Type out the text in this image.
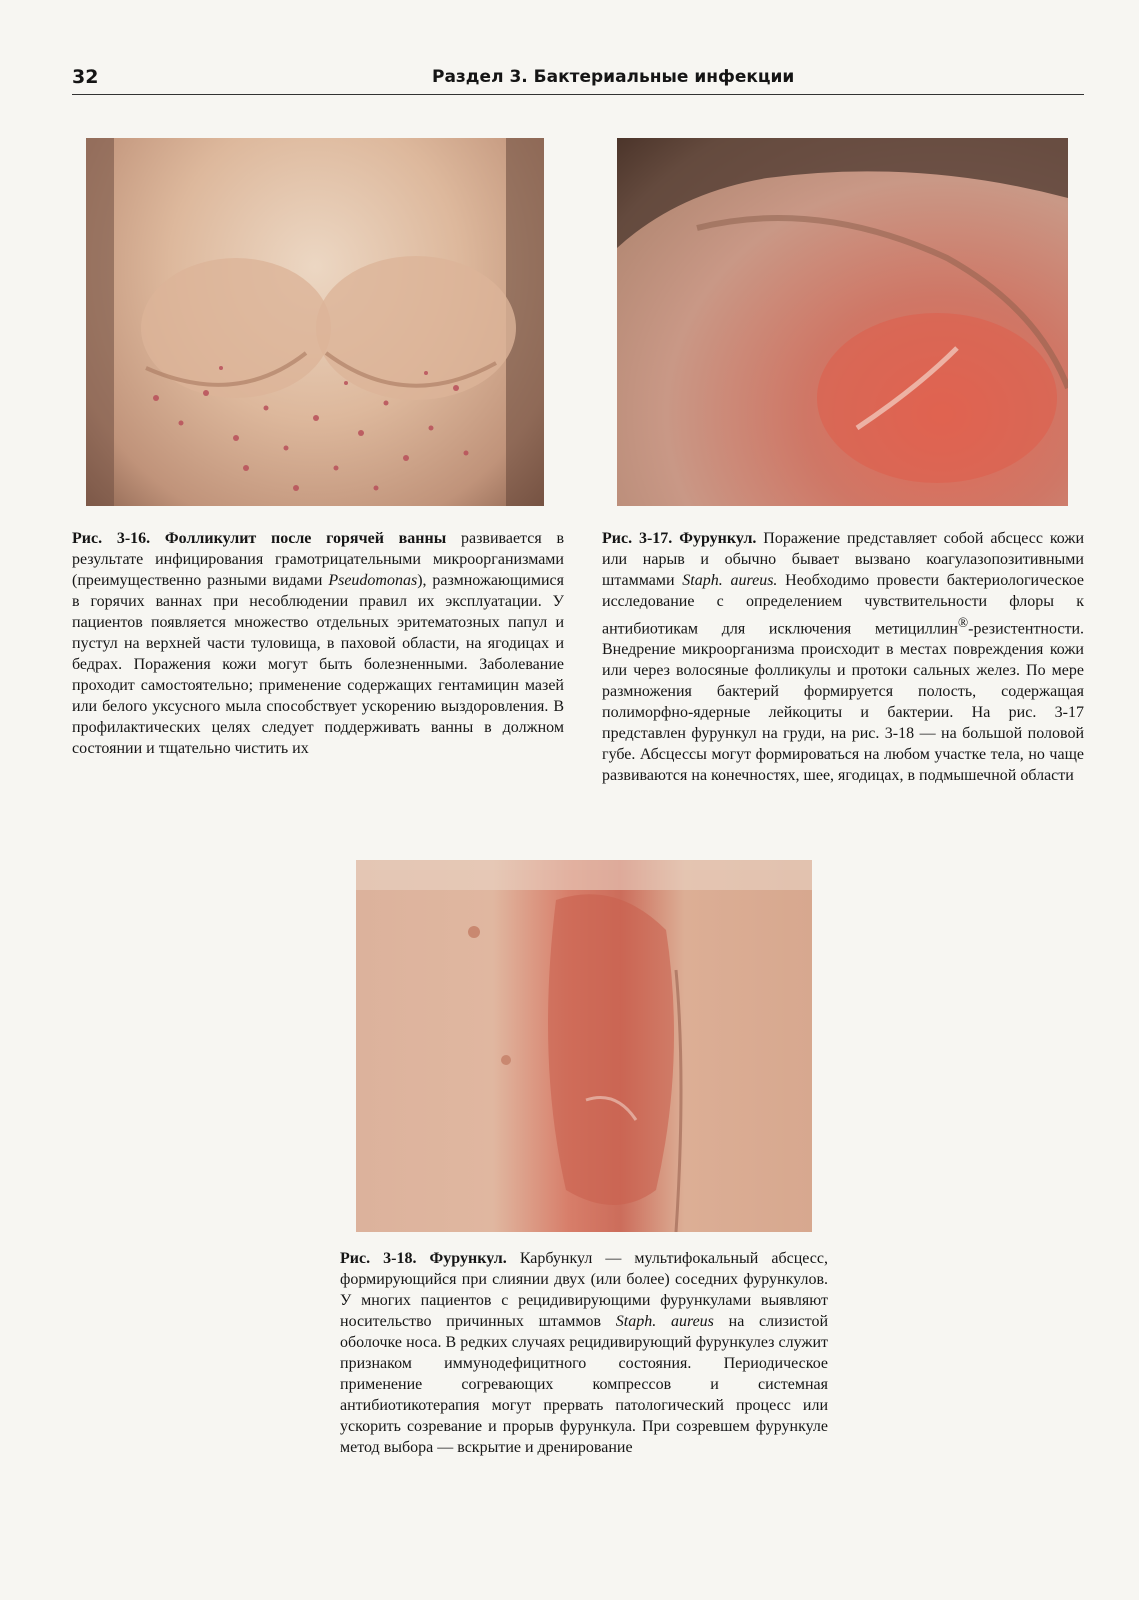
32	Раздел 3. Бактериальные инфекции
Рис. 3-16. Фолликулит после горячей ванны развивается в результате инфицирования грамотрицательными микроорганизмами (преимущественно разными видами Pseudomonas), размножающимися в горячих ваннах при несоблюдении правил их эксплуатации. У пациентов появляется множество отдельных эритематозных папул и пустул на верхней части туловища, в паховой области, на ягодицах и бедрах. Поражения кожи могут быть болезненными. Заболевание проходит самостоятельно; применение содержащих гентамицин мазей или белого уксусного мыла способствует ускорению выздоровления. В профилактических целях следует поддерживать ванны в должном состоянии и тщательно чистить их
Рис. 3-17. Фурункул. Поражение представляет собой абсцесс кожи или нарыв и обычно бывает вызвано коагулазопозитивными штаммами Staph. aureus. Необходимо провести бактериологическое исследование с определением чувствительности флоры к антибиотикам для исключения метициллин®-резистентности. Внедрение микроорганизма происходит в местах повреждения кожи или через волосяные фолликулы и протоки сальных желез. По мере размножения бактерий формируется полость, содержащая полиморфно-ядерные лейкоциты и бактерии. На рис. 3-17 представлен фурункул на груди, на рис. 3-18 — на большой половой губе. Абсцессы могут формироваться на любом участке тела, но чаще развиваются на конечностях, шее, ягодицах, в подмышечной области
Рис. 3-18. Фурункул. Карбункул — мультифокальный абсцесс, формирующийся при слиянии двух (или более) соседних фурункулов. У многих пациентов с рецидивирующими фурункулами выявляют носительство причинных штаммов Staph. aureus на слизистой оболочке носа. В редких случаях рецидивирующий фурункулез служит признаком иммунодефицитного состояния. Периодическое применение согревающих компрессов и системная антибиотикотерапия могут прервать патологический процесс или ускорить созревание и прорыв фурункула. При созревшем фурункуле метод выбора — вскрытие и дренирование
